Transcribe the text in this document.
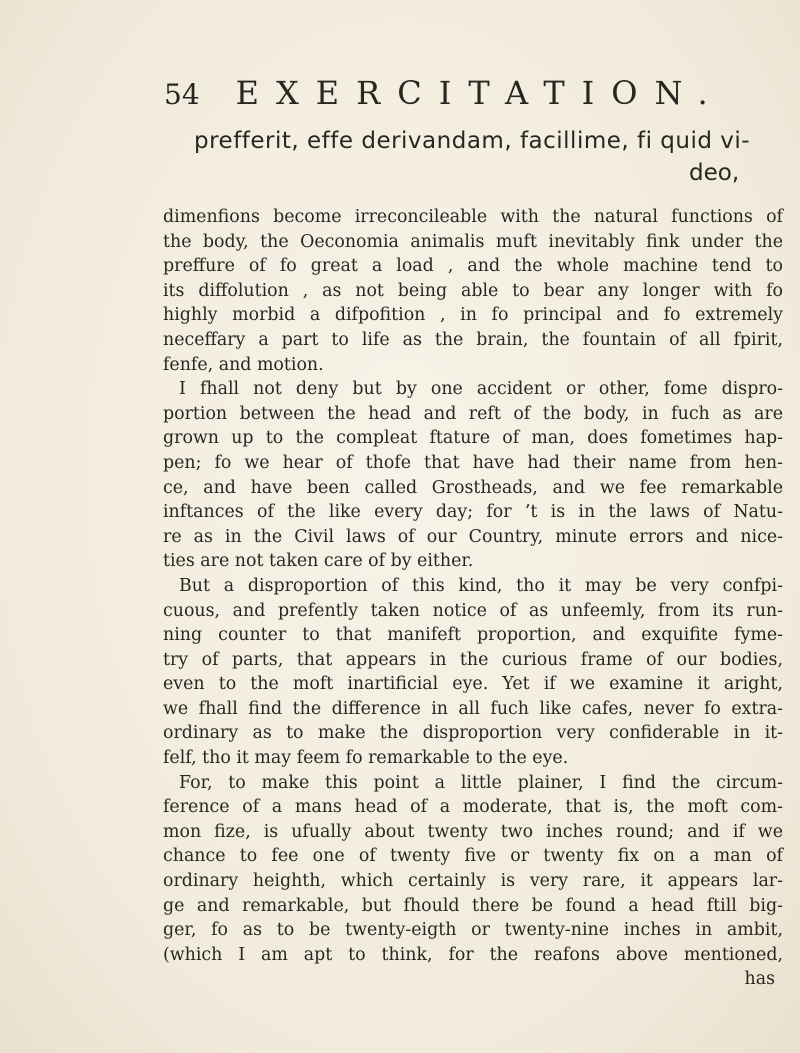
54 EXERCITATION.
prefferit, effe derivandam, facillime, fi quid vi-
deo,
dimenfions become irreconcileable with the natural functions of
the body, the Oeconomia animalis muft inevitably fink under the
preffure of fo great a load , and the whole machine tend to
its diffolution , as not being able to bear any longer with fo
highly morbid a difpofition , in fo principal and fo extremely
neceffary a part to life as the brain, the fountain of all fpirit,
fenfe, and motion.
I fhall not deny but by one accident or other, fome dispro-
portion between the head and reft of the body, in fuch as are
grown up to the compleat ftature of man, does fometimes hap-
pen; fo we hear of thofe that have had their name from hen-
ce, and have been called Grostheads, and we fee remarkable
inftances of the like every day; for ’t is in the laws of Natu-
re as in the Civil laws of our Country, minute errors and nice-
ties are not taken care of by either.
But a disproportion of this kind, tho it may be very confpi-
cuous, and prefently taken notice of as unfeemly, from its run-
ning counter to that manifeft proportion, and exquifite fyme-
try of parts, that appears in the curious frame of our bodies,
even to the moft inartificial eye. Yet if we examine it aright,
we fhall find the difference in all fuch like cafes, never fo extra-
ordinary as to make the disproportion very confiderable in it-
felf, tho it may feem fo remarkable to the eye.
For, to make this point a little plainer, I find the circum-
ference of a mans head of a moderate, that is, the moft com-
mon fize, is ufually about twenty two inches round; and if we
chance to fee one of twenty five or twenty fix on a man of
ordinary heighth, which certainly is very rare, it appears lar-
ge and remarkable, but fhould there be found a head ftill big-
ger, fo as to be twenty-eigth or twenty-nine inches in ambit,
(which I am apt to think, for the reafons above mentioned,
has
